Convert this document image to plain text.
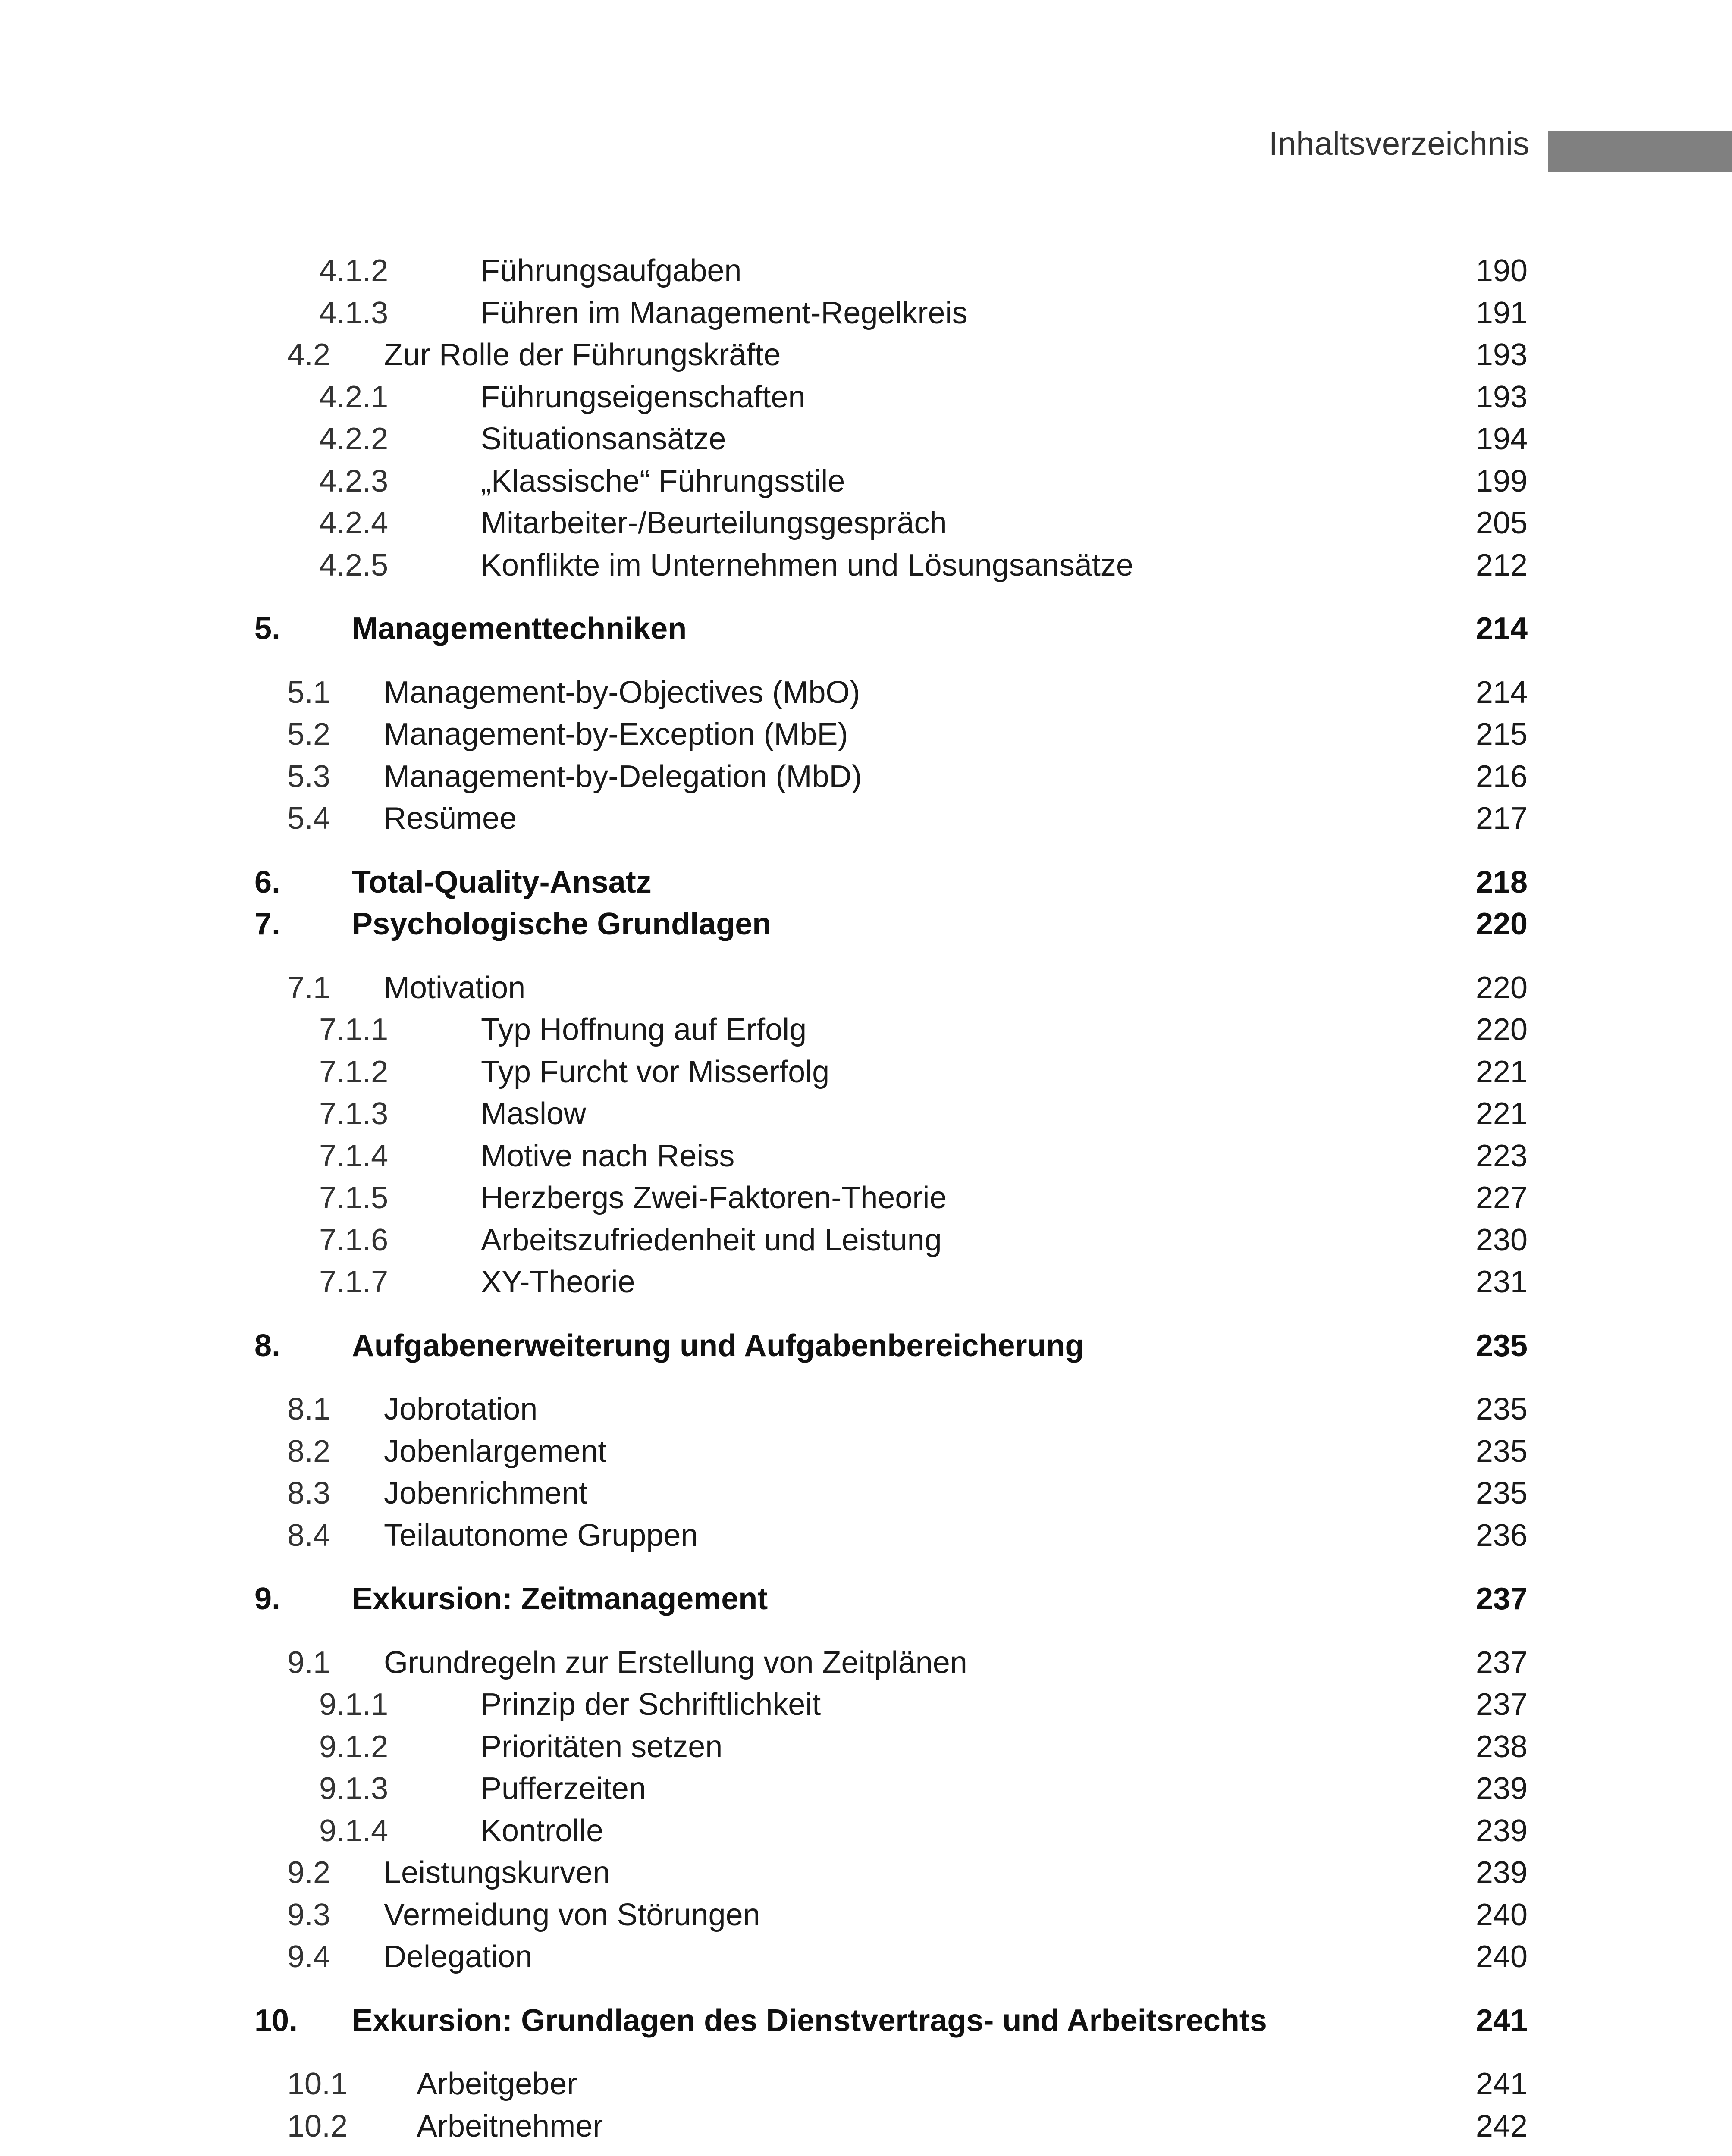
Inhaltsverzeichnis
4.1.2	Führungsaufgaben	190
4.1.3	Führen im Management-Regelkreis	191
4.2	Zur Rolle der Führungskräfte	193
4.2.1	Führungseigenschaften	193
4.2.2	Situationsansätze	194
4.2.3	„Klassische“ Führungsstile	199
4.2.4	Mitarbeiter-/Beurteilungsgespräch	205
4.2.5	Konflikte im Unternehmen und Lösungsansätze	212
5.	Managementtechniken	214
5.1	Management-by-Objectives (MbO)	214
5.2	Management-by-Exception (MbE)	215
5.3	Management-by-Delegation (MbD)	216
5.4	Resümee	217
6.	Total-Quality-Ansatz	218
7.	Psychologische Grundlagen	220
7.1	Motivation	220
7.1.1	Typ Hoffnung auf Erfolg	220
7.1.2	Typ Furcht vor Misserfolg	221
7.1.3	Maslow	221
7.1.4	Motive nach Reiss	223
7.1.5	Herzbergs Zwei-Faktoren-Theorie	227
7.1.6	Arbeitszufriedenheit und Leistung	230
7.1.7	XY-Theorie	231
8.	Aufgabenerweiterung und Aufgabenbereicherung	235
8.1	Jobrotation	235
8.2	Jobenlargement	235
8.3	Jobenrichment	235
8.4	Teilautonome Gruppen	236
9.	Exkursion: Zeitmanagement	237
9.1	Grundregeln zur Erstellung von Zeitplänen	237
9.1.1	Prinzip der Schriftlichkeit	237
9.1.2	Prioritäten setzen	238
9.1.3	Pufferzeiten	239
9.1.4	Kontrolle	239
9.2	Leistungskurven	239
9.3	Vermeidung von Störungen	240
9.4	Delegation	240
10.	Exkursion: Grundlagen des Dienstvertrags- und Arbeitsrechts	241
10.1	Arbeitgeber	241
10.2	Arbeitnehmer	242
